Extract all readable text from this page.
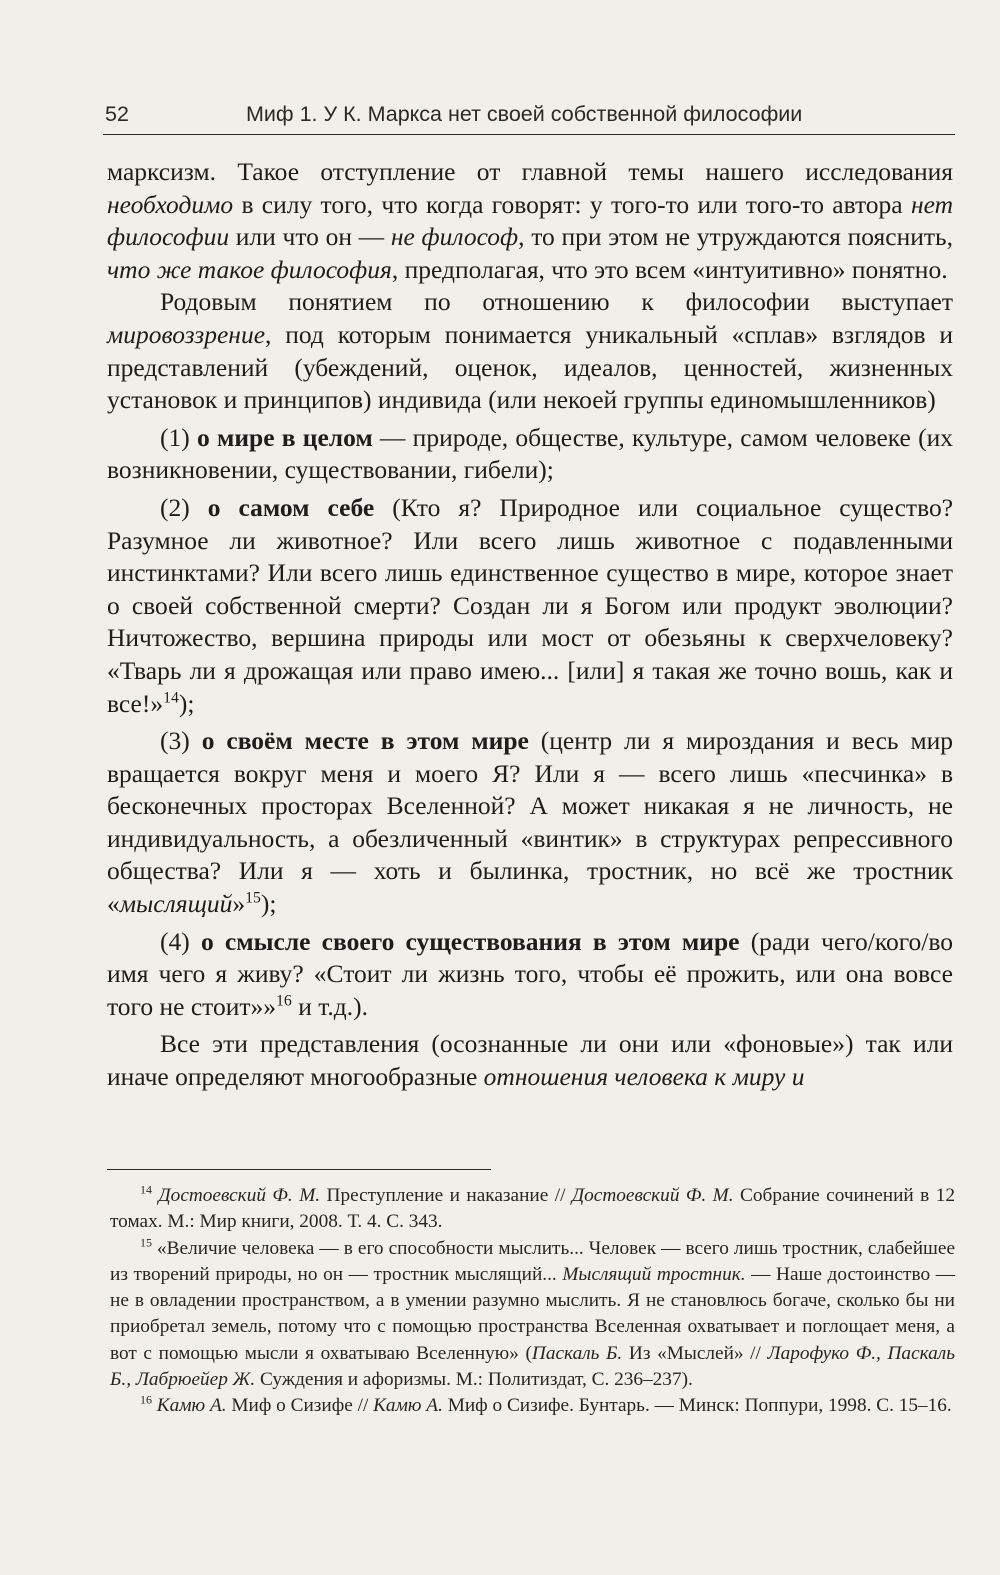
52	Миф 1. У К. Маркса нет своей собственной философии

марксизм. Такое отступление от главной темы нашего исследования необходимо в силу того, что когда говорят: у того-то или того-то автора нет философии или что он — не философ, то при этом не утруждаются пояснить, что же такое философия, предполагая, что это всем «интуитивно» понятно.

Родовым понятием по отношению к философии выступает мировоззрение, под которым понимается уникальный «сплав» взглядов и представлений (убеждений, оценок, идеалов, ценностей, жизненных установок и принципов) индивида (или некоей группы единомышленников)

(1) о мире в целом — природе, обществе, культуре, самом человеке (их возникновении, существовании, гибели);

(2) о самом себе (Кто я? Природное или социальное существо? Разумное ли животное? Или всего лишь животное с подавленными инстинктами? Или всего лишь единственное существо в мире, которое знает о своей собственной смерти? Создан ли я Богом или продукт эволюции? Ничтожество, вершина природы или мост от обезьяны к сверхчеловеку? «Тварь ли я дрожащая или право имею... [или] я такая же точно вошь, как и все!»$^{14}$);

(3) о своём месте в этом мире (центр ли я мироздания и весь мир вращается вокруг меня и моего Я? Или я — всего лишь «песчинка» в бесконечных просторах Вселенной? А может никакая я не личность, не индивидуальность, а обезличенный «винтик» в структурах репрессивного общества? Или я — хоть и былинка, тростник, но всё же тростник «мыслящий»$^{15}$);

(4) о смысле своего существования в этом мире (ради чего/кого/во имя чего я живу? «Стоит ли жизнь того, чтобы её прожить, или она вовсе того не стоит»»$^{16}$ и т.д.).

Все эти представления (осознанные ли они или «фоновые») так или иначе определяют многообразные отношения человека к миру и

$^{14}$ Достоевский Ф. М. Преступление и наказание // Достоевский Ф. М. Собрание сочинений в 12 томах. М.: Мир книги, 2008. Т. 4. С. 343.

$^{15}$ «Величие человека — в его способности мыслить... Человек — всего лишь тростник, слабейшее из творений природы, но он — тростник мыслящий... Мыслящий тростник. — Наше достоинство — не в овладении пространством, а в умении разумно мыслить. Я не становлюсь богаче, сколько бы ни приобретал земель, потому что с помощью пространства Вселенная охватывает и поглощает меня, а вот с помощью мысли я охватываю Вселенную» (Паскаль Б. Из «Мыслей» // Ларофуко Ф., Паскаль Б., Лабрюейер Ж. Суждения и афоризмы. М.: Политиздат, С. 236–237).

$^{16}$ Камю А. Миф о Сизифе // Камю А. Миф о Сизифе. Бунтарь. — Минск: Поппури, 1998. С. 15–16.
